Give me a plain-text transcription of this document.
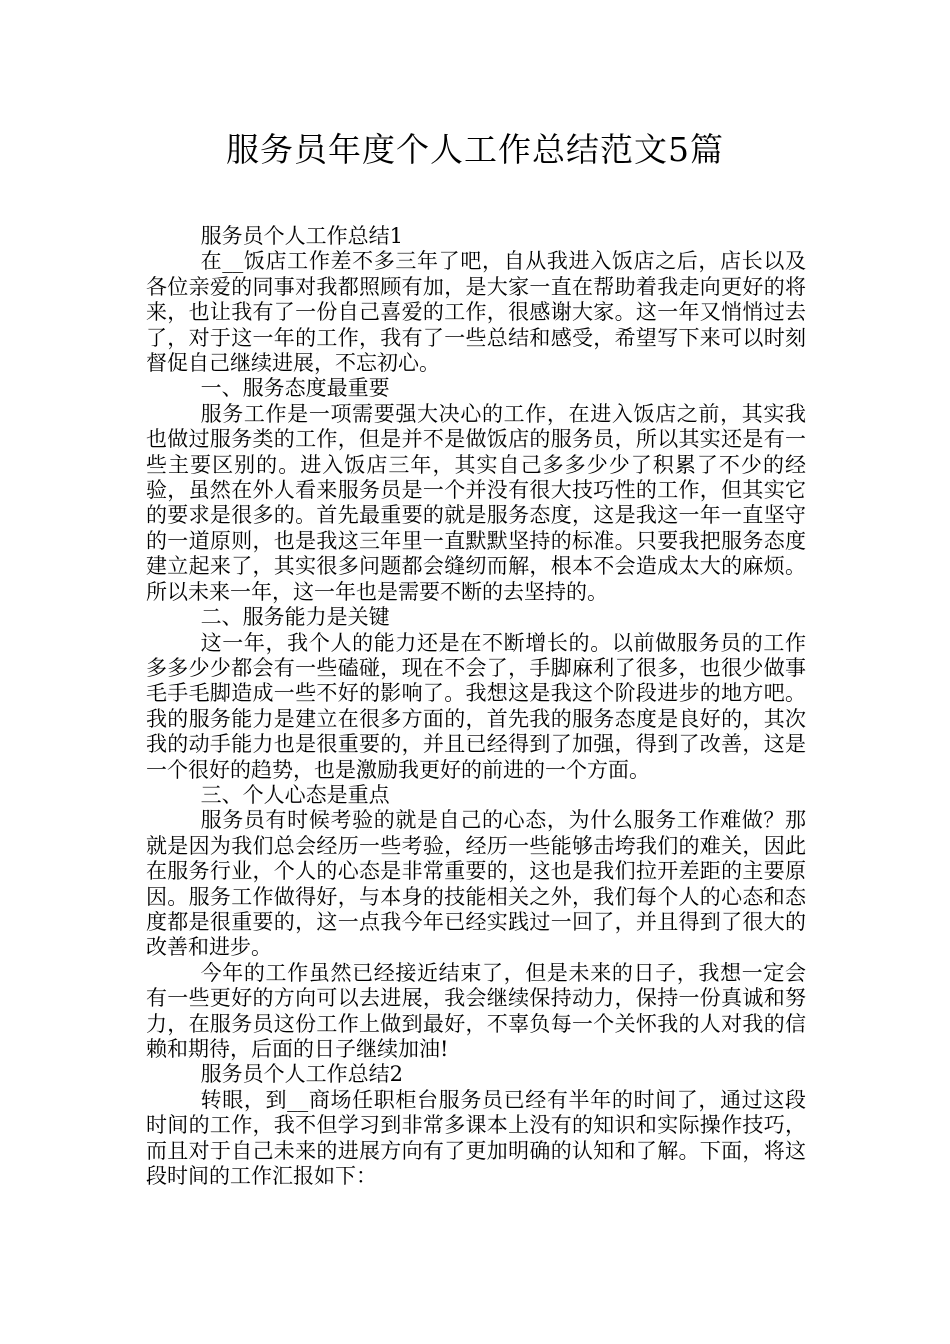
服务员年度个人工作总结范文5篇

服务员个人工作总结1

在__饭店工作差不多三年了吧，自从我进入饭店之后，店长以及各位亲爱的同事对我都照顾有加，是大家一直在帮助着我走向更好的将来，也让我有了一份自己喜爱的工作，很感谢大家。这一年又悄悄过去了，对于这一年的工作，我有了一些总结和感受，希望写下来可以时刻督促自己继续进展，不忘初心。

一、服务态度最重要

服务工作是一项需要强大决心的工作，在进入饭店之前，其实我也做过服务类的工作，但是并不是做饭店的服务员，所以其实还是有一些主要区别的。进入饭店三年，其实自己多多少少了积累了不少的经验，虽然在外人看来服务员是一个并没有很大技巧性的工作，但其实它的要求是很多的。首先最重要的就是服务态度，这是我这一年一直坚守的一道原则，也是我这三年里一直默默坚持的标准。只要我把服务态度建立起来了，其实很多问题都会缝纫而解，根本不会造成太大的麻烦。所以未来一年，这一年也是需要不断的去坚持的。

二、服务能力是关键

这一年，我个人的能力还是在不断增长的。以前做服务员的工作多多少少都会有一些磕碰，现在不会了，手脚麻利了很多，也很少做事毛手毛脚造成一些不好的影响了。我想这是我这个阶段进步的地方吧。我的服务能力是建立在很多方面的，首先我的服务态度是良好的，其次我的动手能力也是很重要的，并且已经得到了加强，得到了改善，这是一个很好的趋势，也是激励我更好的前进的一个方面。

三、个人心态是重点

服务员有时候考验的就是自己的心态，为什么服务工作难做？那就是因为我们总会经历一些考验，经历一些能够击垮我们的难关，因此在服务行业，个人的心态是非常重要的，这也是我们拉开差距的主要原因。服务工作做得好，与本身的技能相关之外，我们每个人的心态和态度都是很重要的，这一点我今年已经实践过一回了，并且得到了很大的改善和进步。

今年的工作虽然已经接近结束了，但是未来的日子，我想一定会有一些更好的方向可以去进展，我会继续保持动力，保持一份真诚和努力，在服务员这份工作上做到最好，不辜负每一个关怀我的人对我的信赖和期待，后面的日子继续加油!

服务员个人工作总结2

转眼，到__商场任职柜台服务员已经有半年的时间了，通过这段时间的工作，我不但学习到非常多课本上没有的知识和实际操作技巧，而且对于自己未来的进展方向有了更加明确的认知和了解。下面，将这段时间的工作汇报如下：
